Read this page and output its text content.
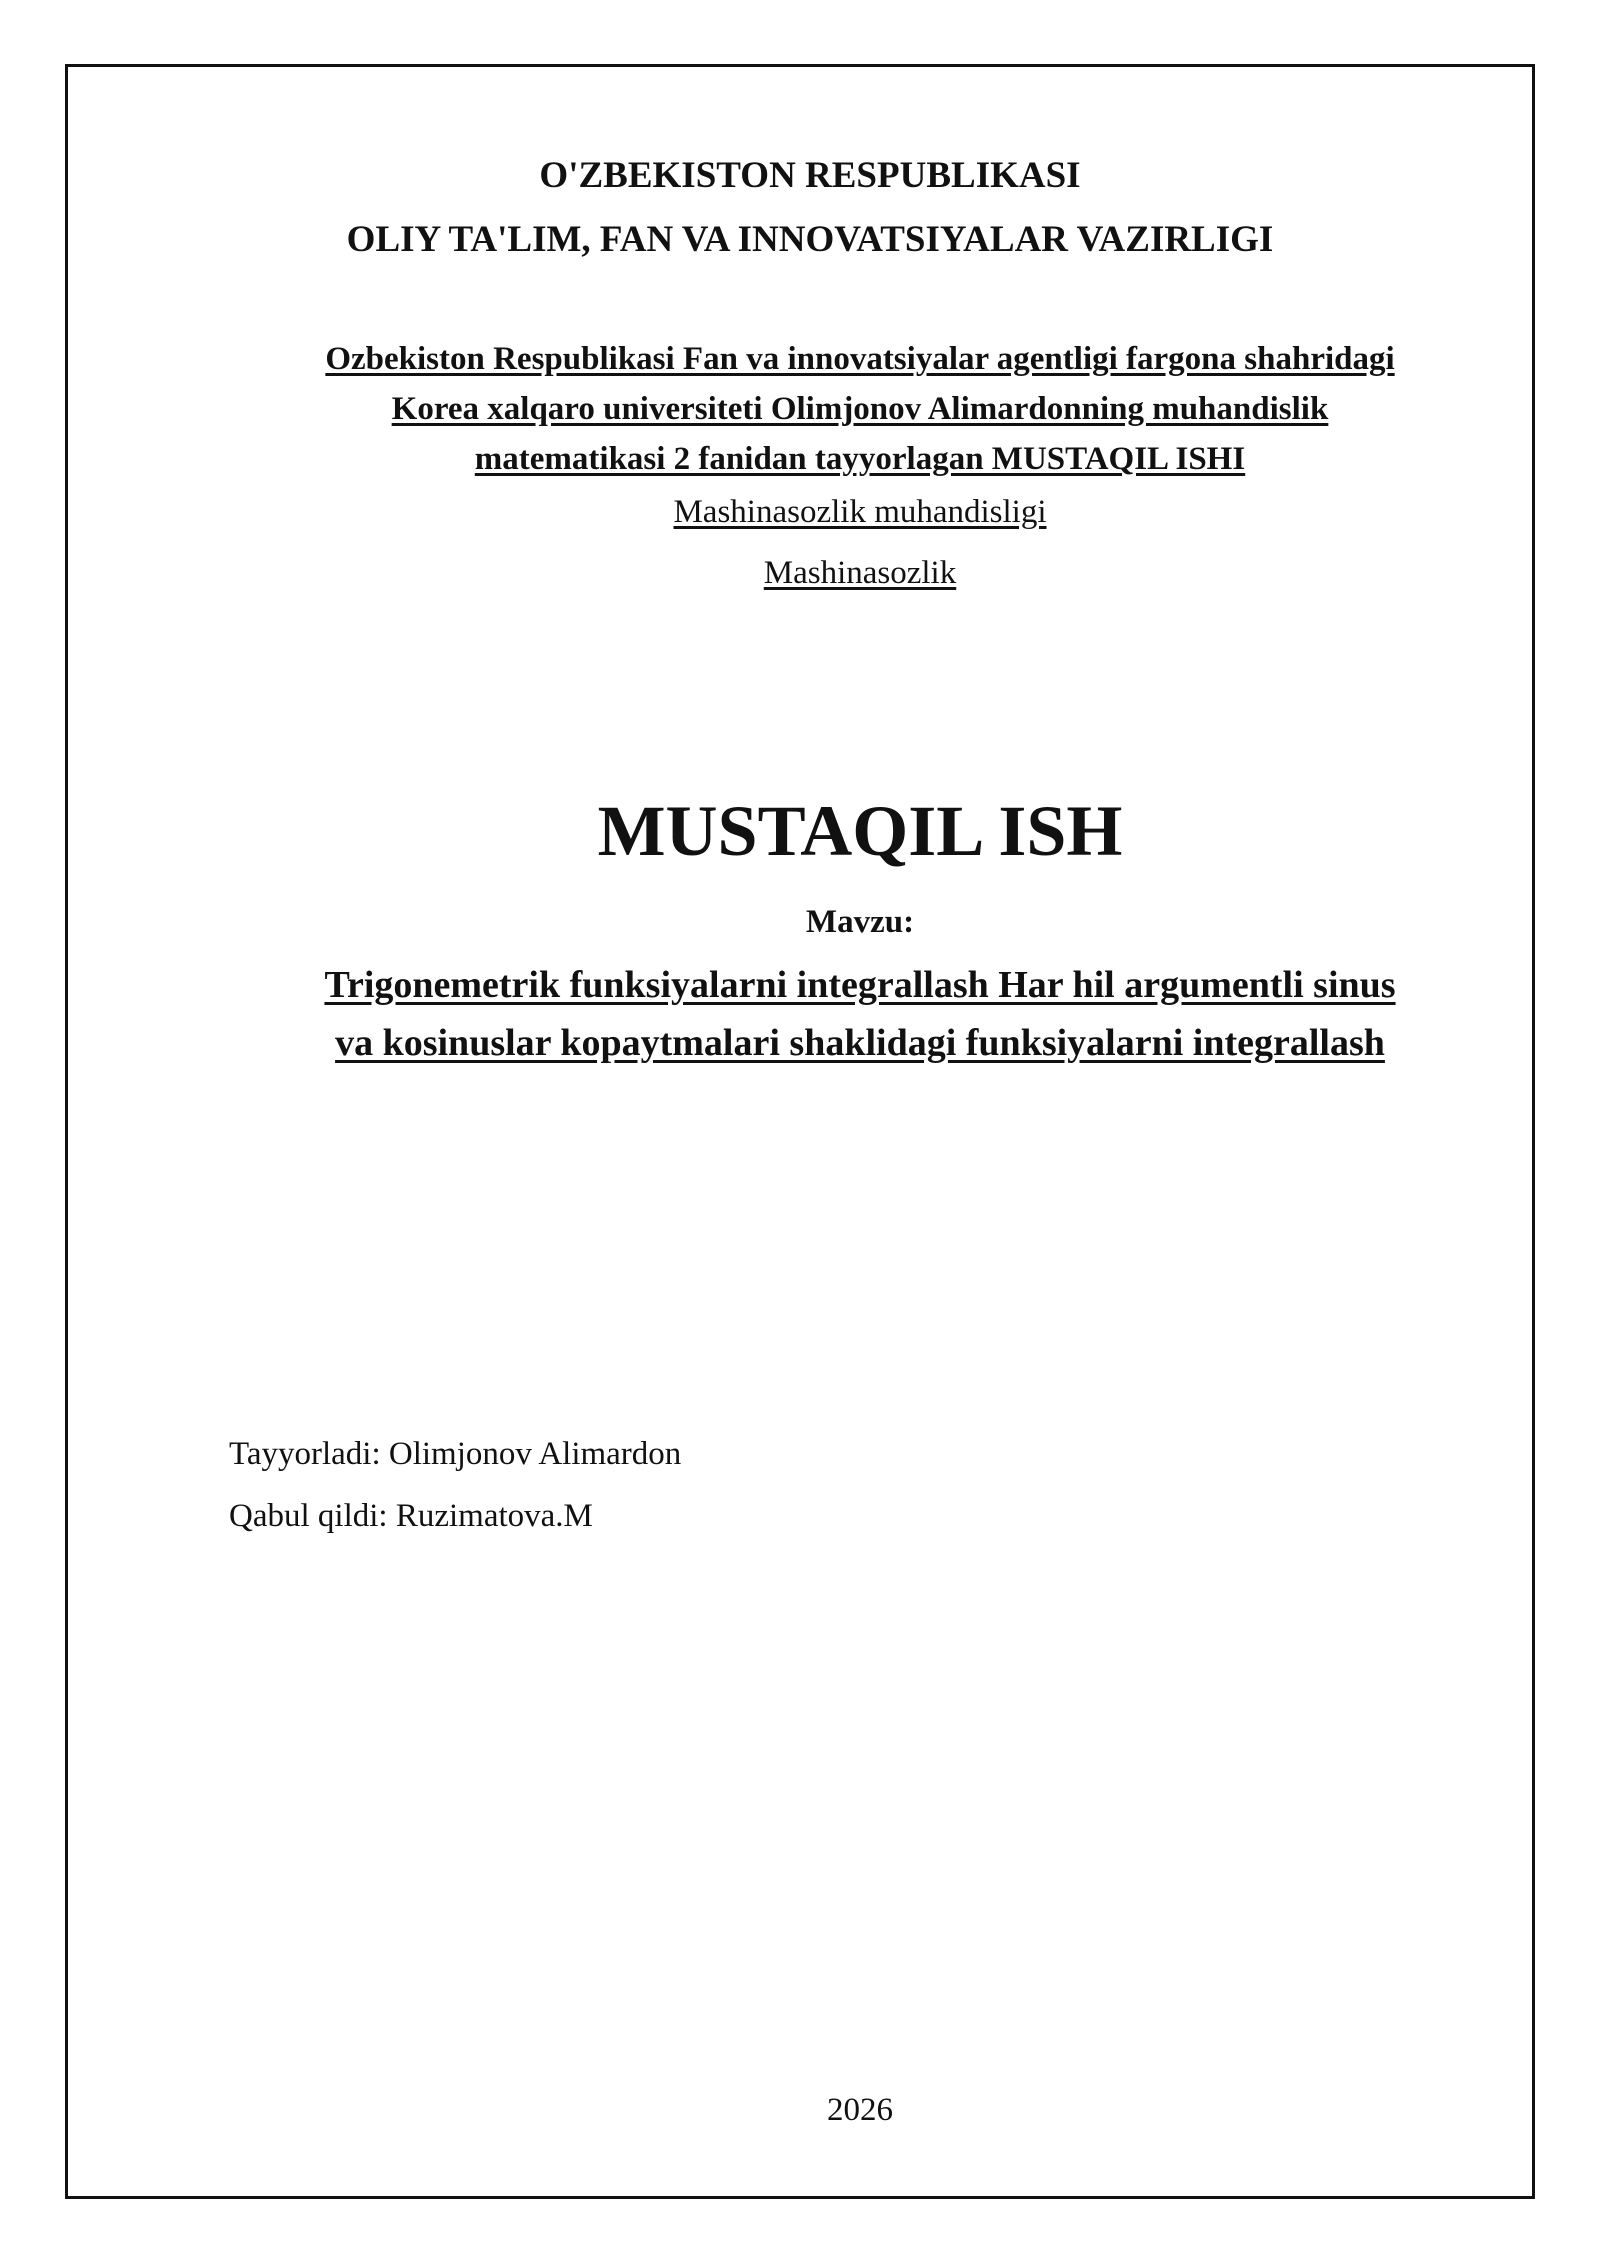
O'ZBEKISTON RESPUBLIKASI
OLIY TA'LIM, FAN VA INNOVATSIYALAR VAZIRLIGI
Ozbekiston Respublikasi Fan va innovatsiyalar agentligi fargona shahridagi
Korea xalqaro universiteti Olimjonov Alimardonning muhandislik
matematikasi 2 fanidan tayyorlagan MUSTAQIL ISHI
Mashinasozlik muhandisligi
Mashinasozlik
MUSTAQIL ISH
Mavzu:
Trigonemetrik funksiyalarni integrallash Har hil argumentli sinus
va kosinuslar kopaytmalari shaklidagi funksiyalarni integrallash
Tayyorladi: Olimjonov Alimardon
Qabul qildi: Ruzimatova.M
2026
